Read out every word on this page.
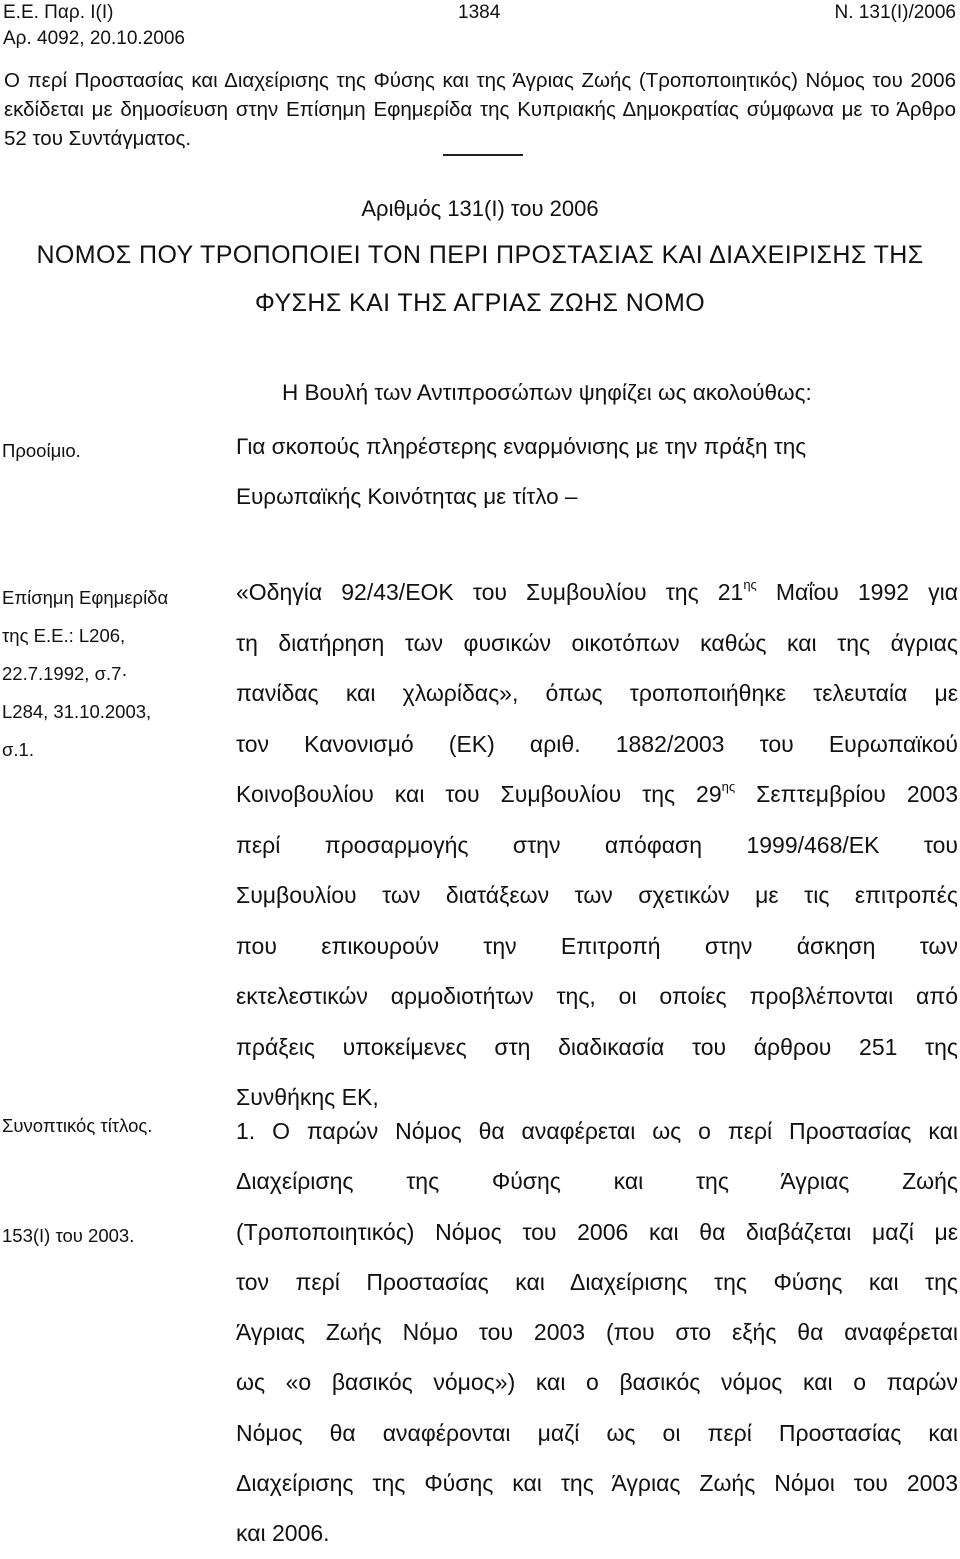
Ε.Ε. Παρ. Ι(Ι)
Αρ. 4092, 20.10.2006
1384	Ν. 131(Ι)/2006
Ο περί Προστασίας και Διαχείρισης της Φύσης και της Άγριας Ζωής (Τροποποιητικός) Νόμος του 2006 εκδίδεται με δημοσίευση στην Επίσημη Εφημερίδα της Κυπριακής Δημοκρατίας σύμφωνα με το Άρθρο 52 του Συντάγματος.
Αριθμός 131(Ι) του 2006
ΝΟΜΟΣ ΠΟΥ ΤΡΟΠΟΠΟΙΕΙ ΤΟΝ ΠΕΡΙ ΠΡΟΣΤΑΣΙΑΣ ΚΑΙ ΔΙΑΧΕΙΡΙΣΗΣ ΤΗΣ
ΦΥΣΗΣ ΚΑΙ ΤΗΣ ΑΓΡΙΑΣ ΖΩΗΣ ΝΟΜΟ
Η Βουλή των Αντιπροσώπων ψηφίζει ως ακολούθως:
Προοίμιο.	Για σκοπούς πληρέστερης εναρμόνισης με την πράξη της
Ευρωπαϊκής Κοινότητας με τίτλο –
Επίσημη Εφημερίδα
της Ε.Ε.: L206,
22.7.1992, σ.7·
L284, 31.10.2003,
σ.1.
«Οδηγία 92/43/ΕΟΚ του Συμβουλίου της $21^{\eta\varsigma}$ Μαΐου 1992 για
τη διατήρηση των φυσικών οικοτόπων καθώς και της άγριας
πανίδας και χλωρίδας», όπως τροποποιήθηκε τελευταία με
τον Κανονισμό (ΕΚ) αριθ. 1882/2003 του Ευρωπαϊκού
Κοινοβουλίου και του Συμβουλίου της $29^{\eta\varsigma}$ Σεπτεμβρίου 2003
περί προσαρμογής στην απόφαση 1999/468/ΕΚ του
Συμβουλίου των διατάξεων των σχετικών με τις επιτροπές
που επικουρούν την Επιτροπή στην άσκηση των
εκτελεστικών αρμοδιοτήτων της, οι οποίες προβλέπονται από
πράξεις υποκείμενες στη διαδικασία του άρθρου 251 της
Συνθήκης ΕΚ,
Συνοπτικός τίτλος.
153(Ι) του 2003.
1. Ο παρών Νόμος θα αναφέρεται ως ο περί Προστασίας και
Διαχείρισης της Φύσης και της Άγριας Ζωής
(Τροποποιητικός) Νόμος του 2006 και θα διαβάζεται μαζί με
τον περί Προστασίας και Διαχείρισης της Φύσης και της
Άγριας Ζωής Νόμο του 2003 (που στο εξής θα αναφέρεται
ως «ο βασικός νόμος») και ο βασικός νόμος και ο παρών
Νόμος θα αναφέρονται μαζί ως οι περί Προστασίας και
Διαχείρισης της Φύσης και της Άγριας Ζωής Νόμοι του 2003
και 2006.
